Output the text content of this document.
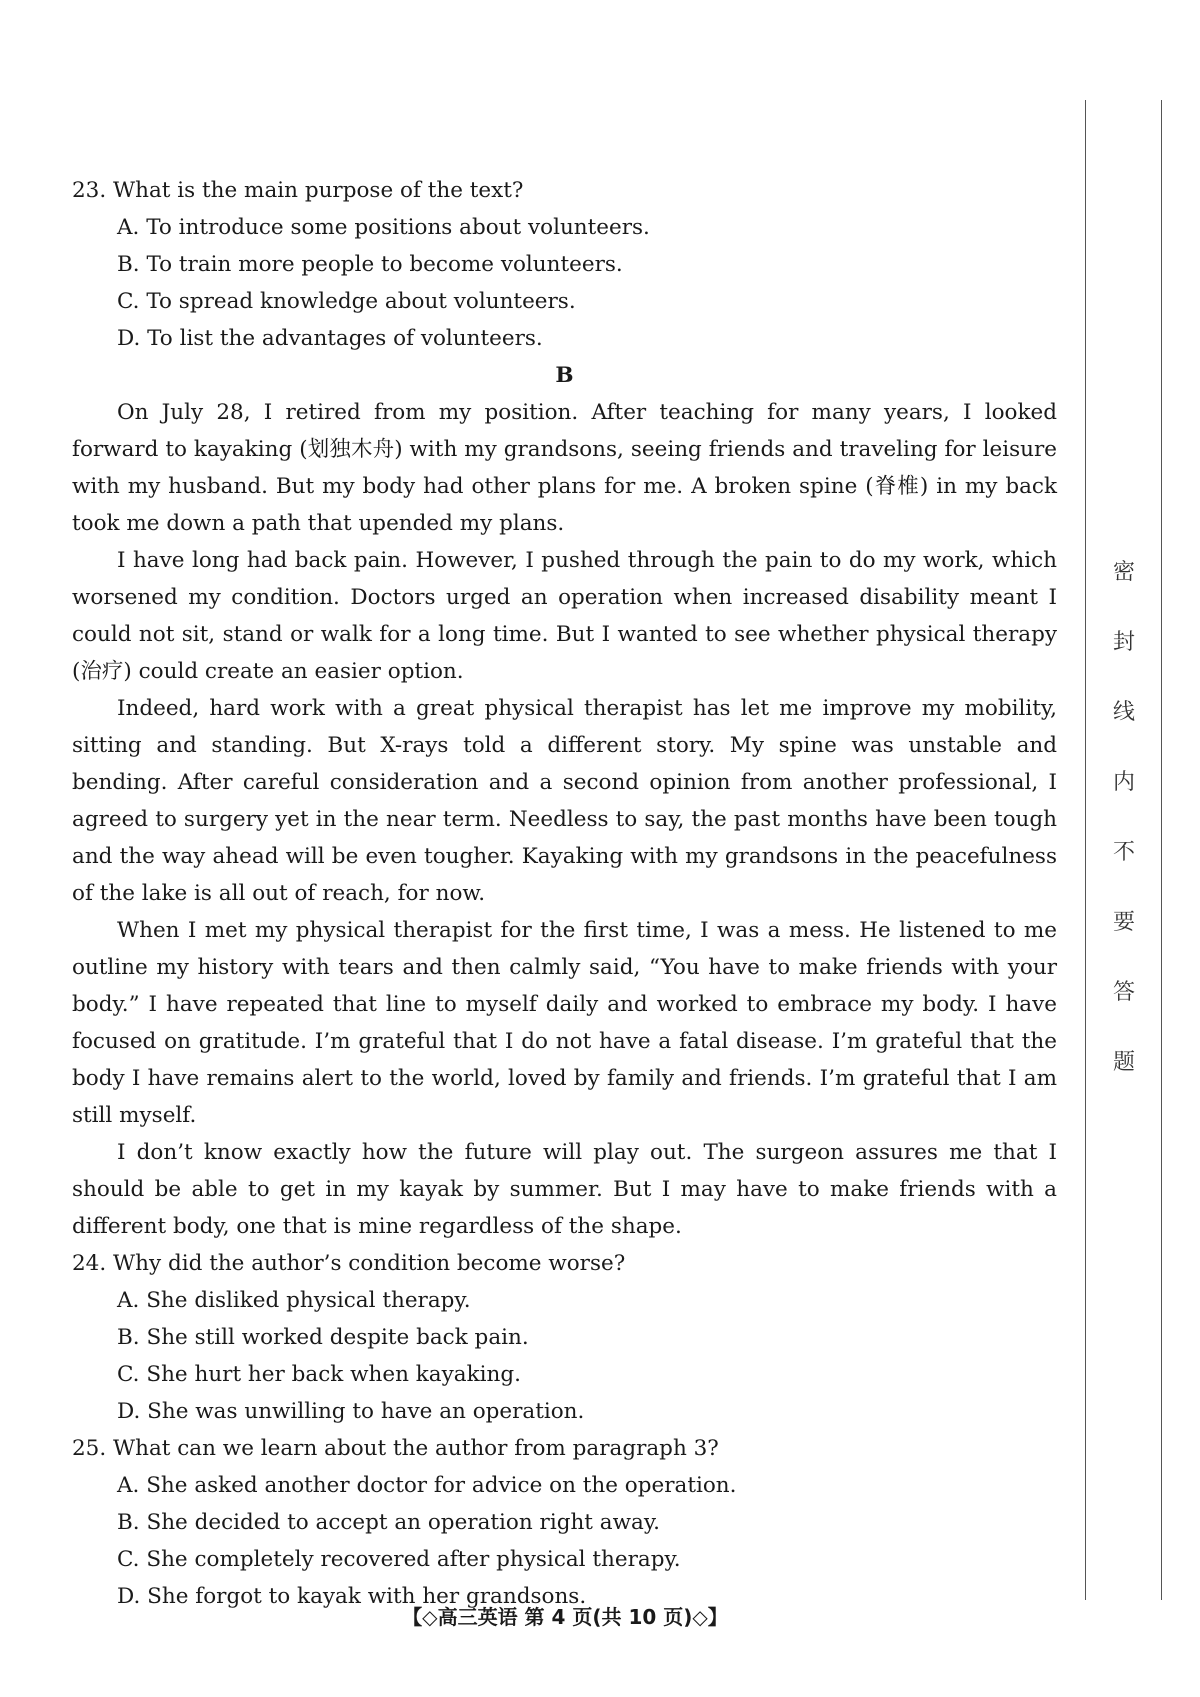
23. What is the main purpose of the text?

A. To introduce some positions about volunteers.

B. To train more people to become volunteers.

C. To spread knowledge about volunteers.

D. To list the advantages of volunteers.

B

On July 28, I retired from my position. After teaching for many years, I looked forward to kayaking (划独木舟) with my grandsons, seeing friends and traveling for leisure with my husband. But my body had other plans for me. A broken spine (脊椎) in my back took me down a path that upended my plans.

I have long had back pain. However, I pushed through the pain to do my work, which worsened my condition. Doctors urged an operation when increased disability meant I could not sit, stand or walk for a long time. But I wanted to see whether physical therapy (治疗) could create an easier option.

Indeed, hard work with a great physical therapist has let me improve my mobility, sitting and standing. But X-rays told a different story. My spine was unstable and bending. After careful consideration and a second opinion from another professional, I agreed to surgery yet in the near term. Needless to say, the past months have been tough and the way ahead will be even tougher. Kayaking with my grandsons in the peacefulness of the lake is all out of reach, for now.

When I met my physical therapist for the first time, I was a mess. He listened to me outline my history with tears and then calmly said, “You have to make friends with your body.” I have repeated that line to myself daily and worked to embrace my body. I have focused on gratitude. I’m grateful that I do not have a fatal disease. I’m grateful that the body I have remains alert to the world, loved by family and friends. I’m grateful that I am still myself.

I don’t know exactly how the future will play out. The surgeon assures me that I should be able to get in my kayak by summer. But I may have to make friends with a different body, one that is mine regardless of the shape.

24. Why did the author’s condition become worse?

A. She disliked physical therapy.

B. She still worked despite back pain.

C. She hurt her back when kayaking.

D. She was unwilling to have an operation.

25. What can we learn about the author from paragraph 3?

A. She asked another doctor for advice on the operation.

B. She decided to accept an operation right away.

C. She completely recovered after physical therapy.

D. She forgot to kayak with her grandsons.

【◇高三英语 第 4 页(共 10 页)◇】
密
封
线
内
不
要
答
题
